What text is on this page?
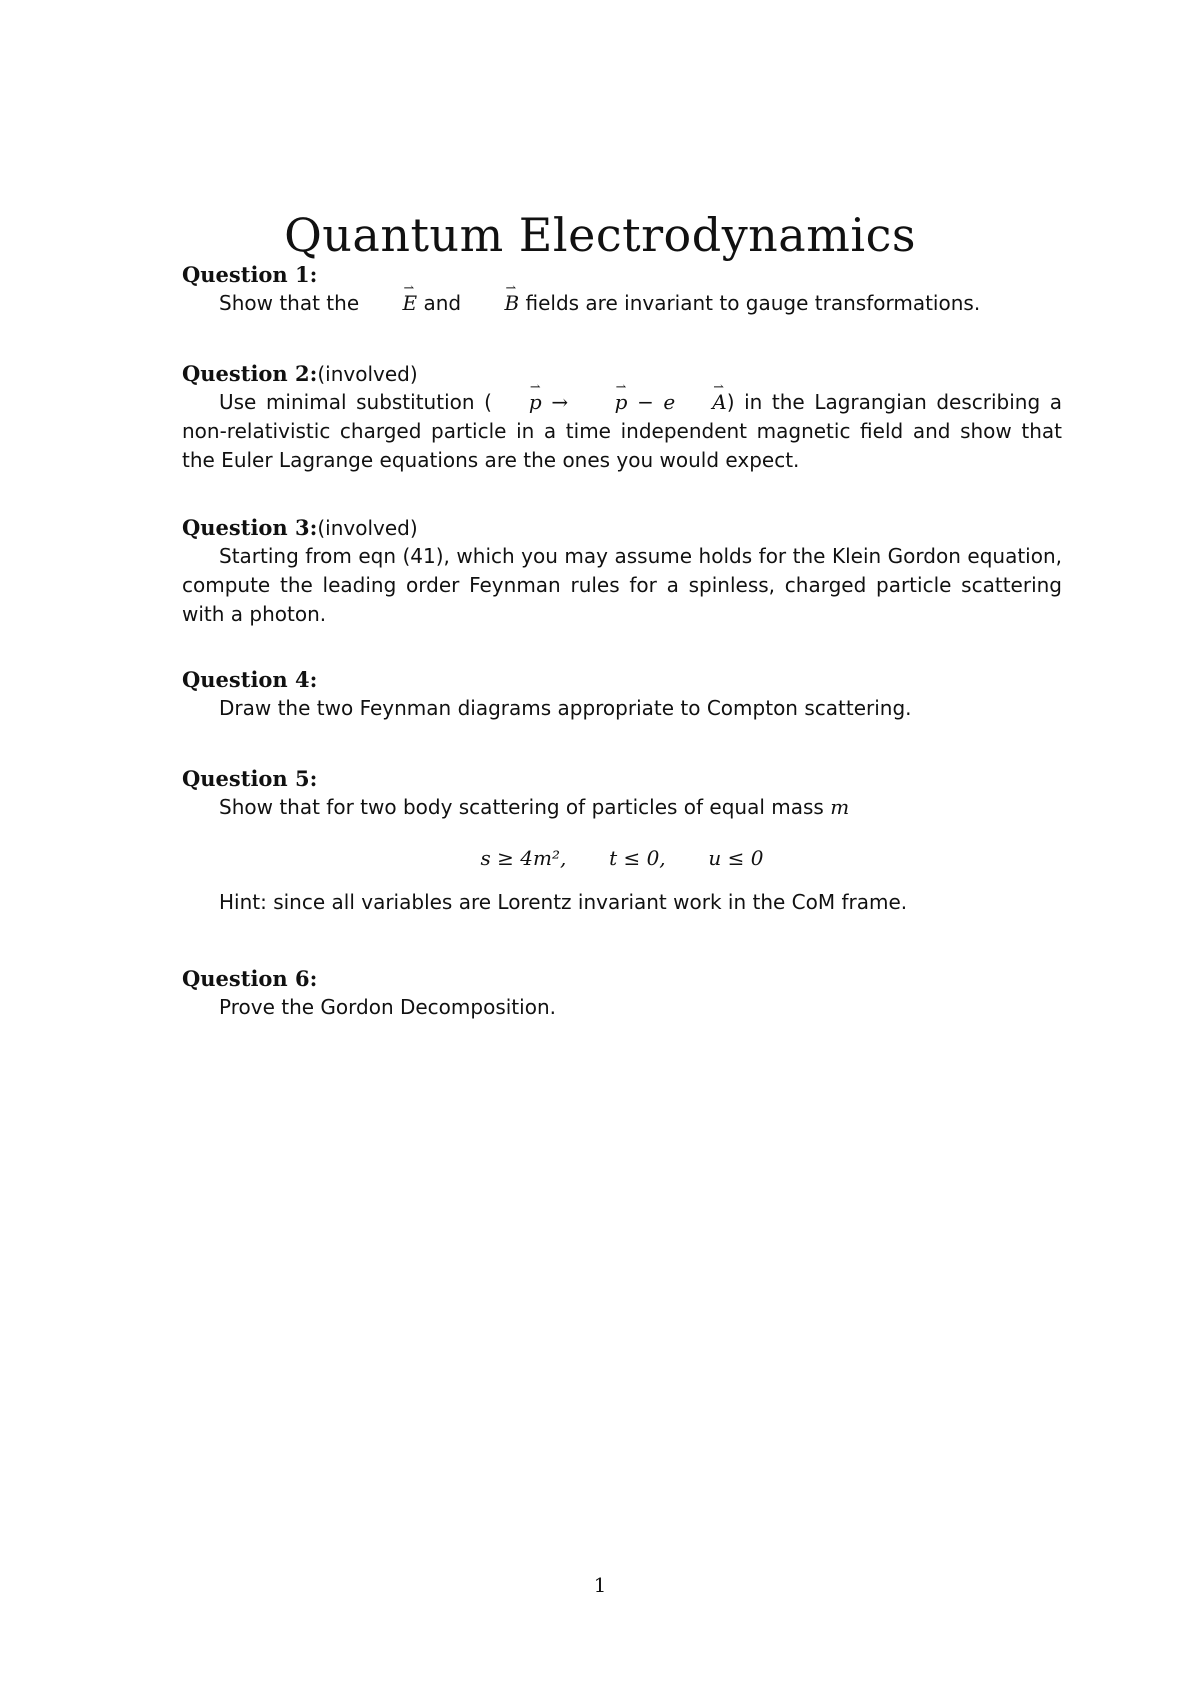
Quantum Electrodynamics
Question 1:

Show that the ⇀ E and ⇀ B fields are invariant to gauge transformations.

Question 2:(involved)

Use minimal substitution ( ⇀ p → ⇀ p − e ⇀ A) in the Lagrangian describing a non-relativistic charged particle in a time independent magnetic field and show that the Euler Lagrange equations are the ones you would expect.

Question 3:(involved)

Starting from eqn (41), which you may assume holds for the Klein Gordon equation, compute the leading order Feynman rules for a spinless, charged particle scattering with a photon.

Question 4:

Draw the two Feynman diagrams appropriate to Compton scattering.

Question 5:

Show that for two body scattering of particles of equal mass m

s ≥ 4m², t ≤ 0, u ≤ 0

Hint: since all variables are Lorentz invariant work in the CoM frame.

Question 6:

Prove the Gordon Decomposition.

1
